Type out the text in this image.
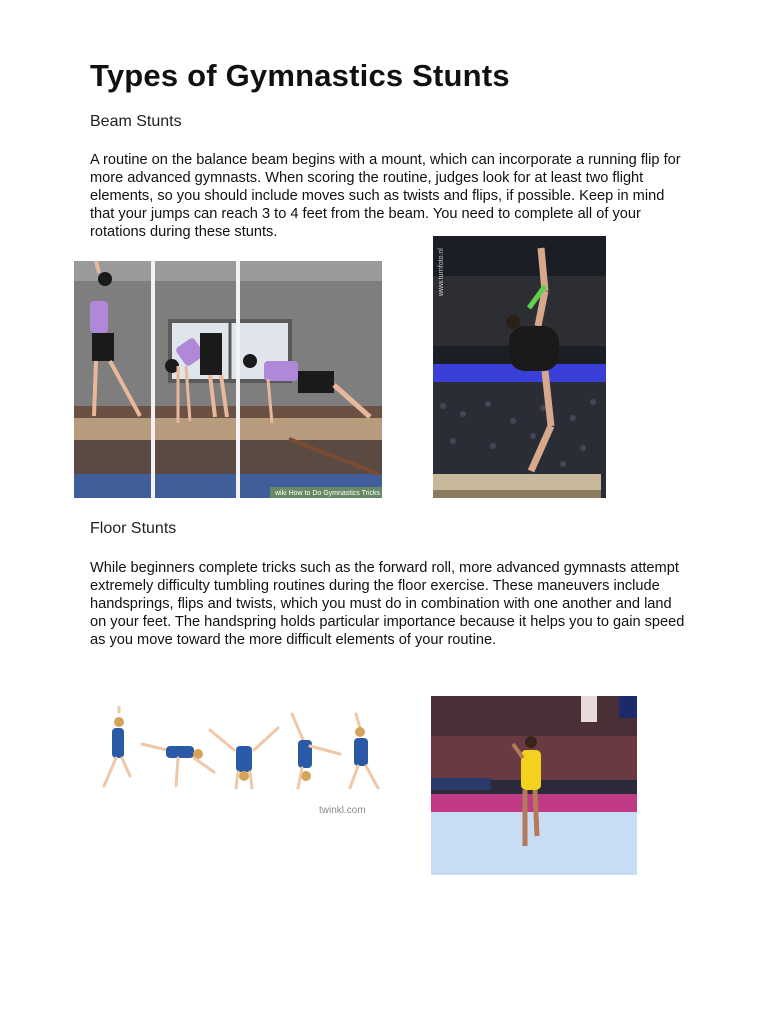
Types of Gymnastics Stunts
Beam Stunts

A routine on the balance beam begins with a mount, which can incorporate a running flip for more advanced gymnasts. When scoring the routine, judges look for at least two flight elements, so you should include moves such as twists and flips, if possible. Keep in mind that your jumps can reach 3 to 4 feet from the beam. You need to complete all of your rotations during these stunts.

wiki How to Do Gymnastics Tricks
www.turnfoto.nl
Floor Stunts

While beginners complete tricks such as the forward roll, more advanced gymnasts attempt extremely difficulty tumbling routines during the floor exercise. These maneuvers include handsprings, flips and twists, which you must do in combination with one another and land on your feet. The handspring holds particular importance because it helps you to gain speed as you move toward the more difficult elements of your routine.

twinkl.com
